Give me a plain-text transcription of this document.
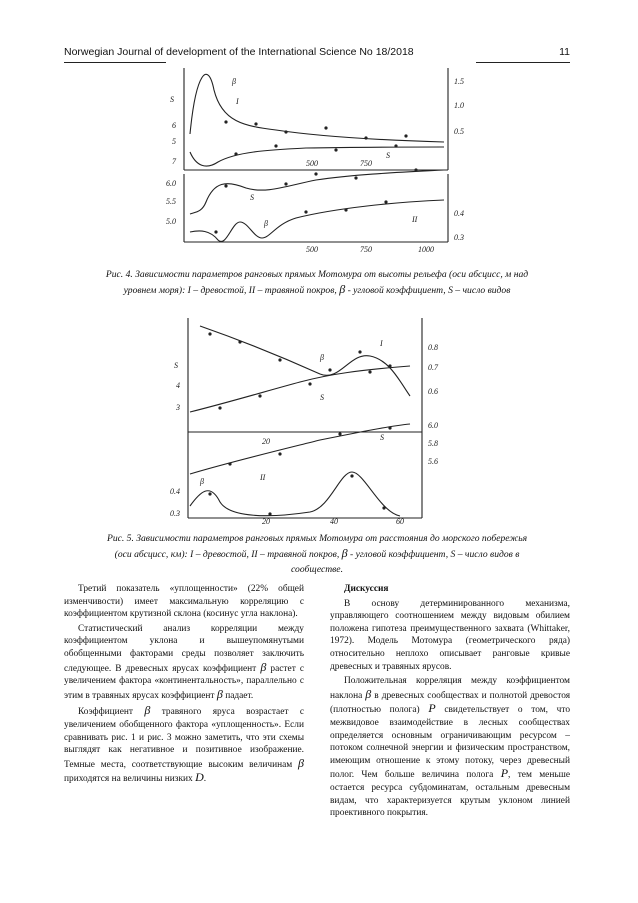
Norwegian Journal of development of the International Science No 18/2018	11
S
6
5
7
6.0
5.5
5.0
1.5
1.0
0.5
0.4
0.3
β
I
S
S
β	II
500	750
500	750	1000
Рис. 4. Зависимости параметров ранговых прямых Мотомура от высоты рельефа (оси абсцисс, м над
уровнем моря): I – древостой, II – травяной покров, β - угловой коэффициент, S – число видов
S
4
3
0.4
0.3
0.8
0.7
0.6
6.0
5.8
5.6
β
I
S
S
II
β
20
20	40	60
Рис. 5. Зависимости параметров ранговых прямых Мотомура от расстояния до морского побережья
(оси абсцисс, км): I – древостой, II – травяной покров, β - угловой коэффициент, S – число видов в
сообществе.

Третий показатель «уплощенности» (22% общей изменчивости) имеет максимальную корреляцию с коэффициентом крутизной склона (косинус угла наклона).

Статистический анализ корреляции между коэффициентом уклона и вышеупомянутыми обобщенными факторами среды позволяет заключить следующее. В древесных ярусах коэффициент β растет с увеличением фактора «континентальность», параллельно с этим в травяных ярусах коэффициент β падает.

Коэффициент β травяного яруса возрастает с увеличением обобщенного фактора «уплощенность». Если сравнивать рис. 1 и рис. 3 можно заметить, что эти схемы выглядят как негативное и позитивное изображение. Темные места, соответствующие высоким величинам β приходятся на величины низких D.

Дискуссия

В основу детерминированного механизма, управляющего соотношением между видовым обилием положена гипотеза преимущественного захвата (Whittaker, 1972). Модель Мотомура (геометрического ряда) относительно неплохо описывает ранговые кривые древесных и травяных ярусов.

Положительная корреляция между коэффициентом наклона β в древесных сообществах и полнотой древостоя (плотностью полога) P свидетельствует о том, что межвидовое взаимодействие в лесных сообществах определяется основным ограничивающим ресурсом – потоком солнечной энергии и физическим пространством, имеющим отношение к этому потоку, через древесный полог. Чем больше величина полога P, тем меньше остается ресурса субдоминатам, остальным древесным видам, что характеризуется крутым уклоном линией проективного покрытия.
